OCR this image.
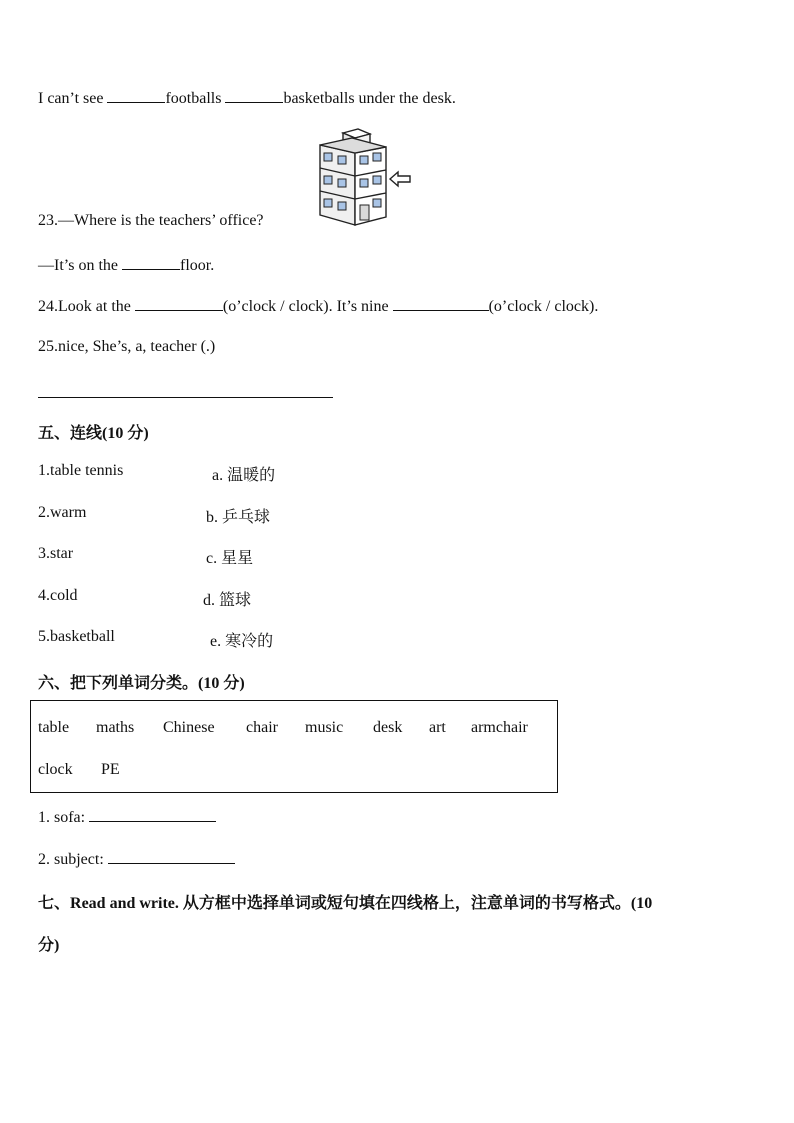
I can’t see	footballs	basketballs under the desk.
23.—Where is the teachers’ office?
—It’s on the	floor.
24.Look at the	(o’clock / clock). It’s nine	(o’clock / clock).
25.nice, She’s, a, teacher (.)
五、连线(10 分)
1.table tennis	a. 温暖的
2.warm	b. 乒乓球
3.star	c. 星星
4.cold	d. 篮球
5.basketball	e. 寒冷的
六、把下列单词分类。(10 分)
table maths Chinese chair music desk art armchair
clock PE
1. sofa:
2. subject:
七、Read and write. 从方框中选择单词或短句填在四线格上，注意单词的书写格式。(10
分)
